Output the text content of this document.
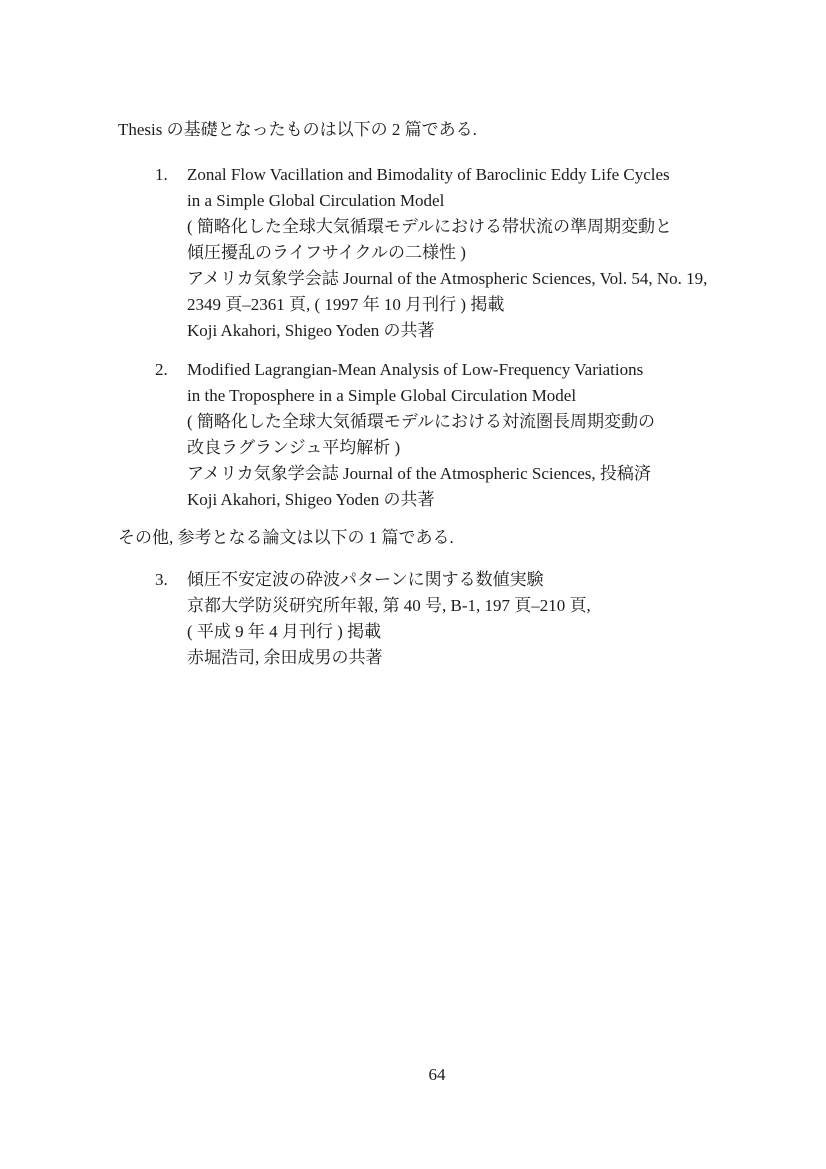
Thesis の基礎となったものは以下の 2 篇である.

1.	Zonal Flow Vacillation and Bimodality of Baroclinic Eddy Life Cycles
in a Simple Global Circulation Model
( 簡略化した全球大気循環モデルにおける帯状流の準周期変動と
傾圧擾乱のライフサイクルの二様性 )
アメリカ気象学会誌 Journal of the Atmospheric Sciences, Vol. 54, No. 19,
2349 頁–2361 頁, ( 1997 年 10 月刊行 ) 掲載
Koji Akahori, Shigeo Yoden の共著
2.	Modified Lagrangian-Mean Analysis of Low-Frequency Variations
in the Troposphere in a Simple Global Circulation Model
( 簡略化した全球大気循環モデルにおける対流圏長周期変動の
改良ラグランジュ平均解析 )
アメリカ気象学会誌 Journal of the Atmospheric Sciences, 投稿済
Koji Akahori, Shigeo Yoden の共著

その他, 参考となる論文は以下の 1 篇である.

3.	傾圧不安定波の砕波パターンに関する数値実験
京都大学防災研究所年報, 第 40 号, B-1, 197 頁–210 頁,
( 平成 9 年 4 月刊行 ) 掲載
赤堀浩司, 余田成男の共著
64
